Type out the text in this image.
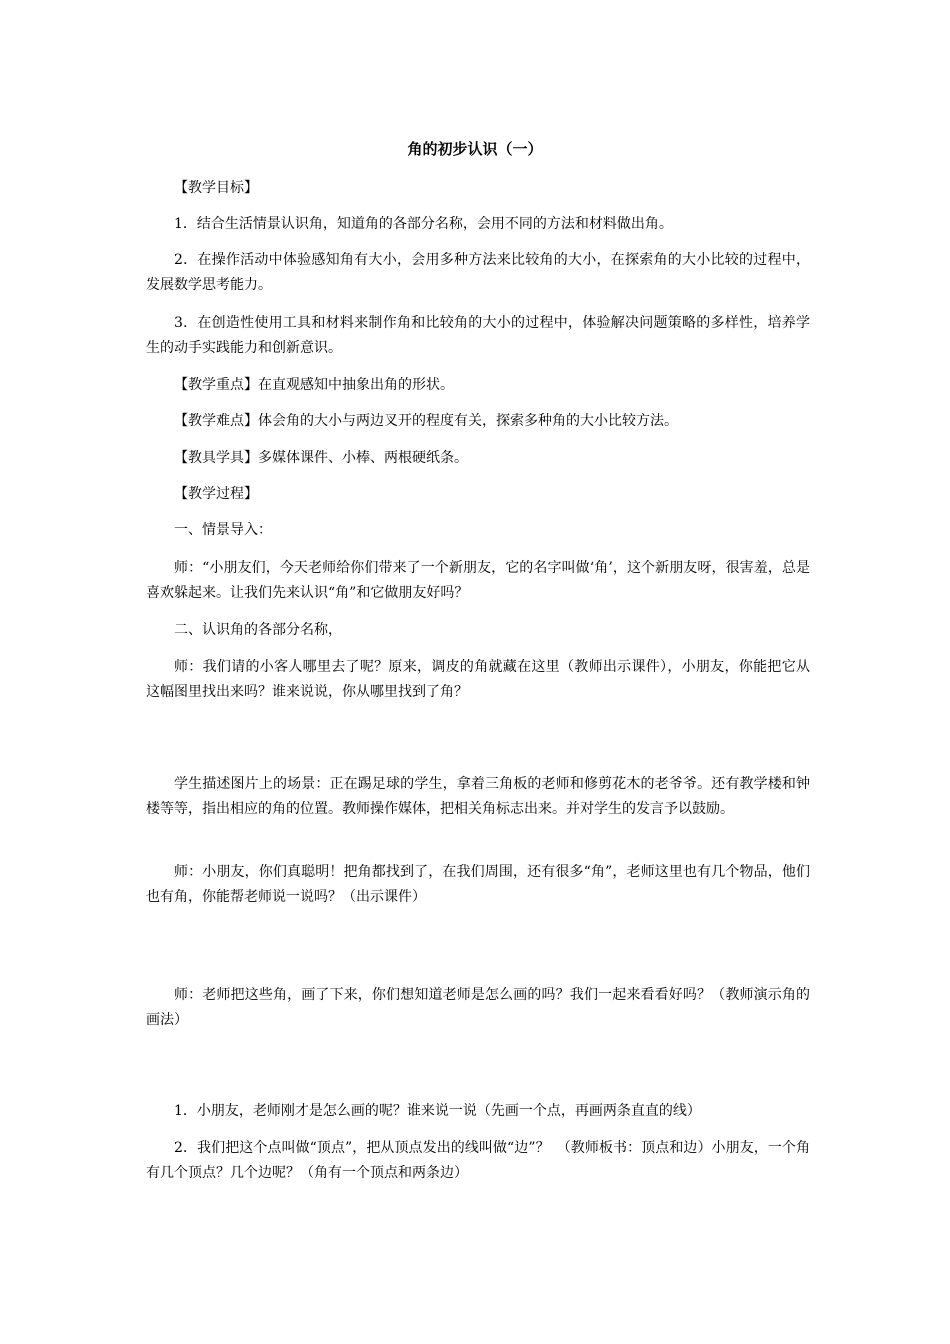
角的初步认识（一）
【教学目标】
1．结合生活情景认识角，知道角的各部分名称，会用不同的方法和材料做出角。
2．在操作活动中体验感知角有大小，会用多种方法来比较角的大小，在探索角的大小比较的过程中，发展数学思考能力。
3．在创造性使用工具和材料来制作角和比较角的大小的过程中，体验解决问题策略的多样性，培养学生的动手实践能力和创新意识。
【教学重点】在直观感知中抽象出角的形状。
【教学难点】体会角的大小与两边叉开的程度有关，探索多种角的大小比较方法。
【教具学具】多媒体课件、小棒、两根硬纸条。
【教学过程】
一、情景导入：
师：“小朋友们，今天老师给你们带来了一个新朋友，它的名字叫做‘角’，这个新朋友呀，很害羞，总是喜欢躲起来。让我们先来认识“角”和它做朋友好吗？
二、认识角的各部分名称，
师：我们请的小客人哪里去了呢？原来，调皮的角就藏在这里（教师出示课件），小朋友，你能把它从这幅图里找出来吗？谁来说说，你从哪里找到了角？
学生描述图片上的场景：正在踢足球的学生，拿着三角板的老师和修剪花木的老爷爷。还有教学楼和钟楼等等，指出相应的角的位置。教师操作媒体，把相关角标志出来。并对学生的发言予以鼓励。
师：小朋友，你们真聪明！把角都找到了，在我们周围，还有很多“角”，老师这里也有几个物品，他们也有角，你能帮老师说一说吗？（出示课件）
师：老师把这些角，画了下来，你们想知道老师是怎么画的吗？我们一起来看看好吗？（教师演示角的画法）
1．小朋友，老师刚才是怎么画的呢？谁来说一说（先画一个点，再画两条直直的线）
2．我们把这个点叫做“顶点”，把从顶点发出的线叫做“边”？　（教师板书：顶点和边）小朋友，一个角有几个顶点？几个边呢？（角有一个顶点和两条边）
